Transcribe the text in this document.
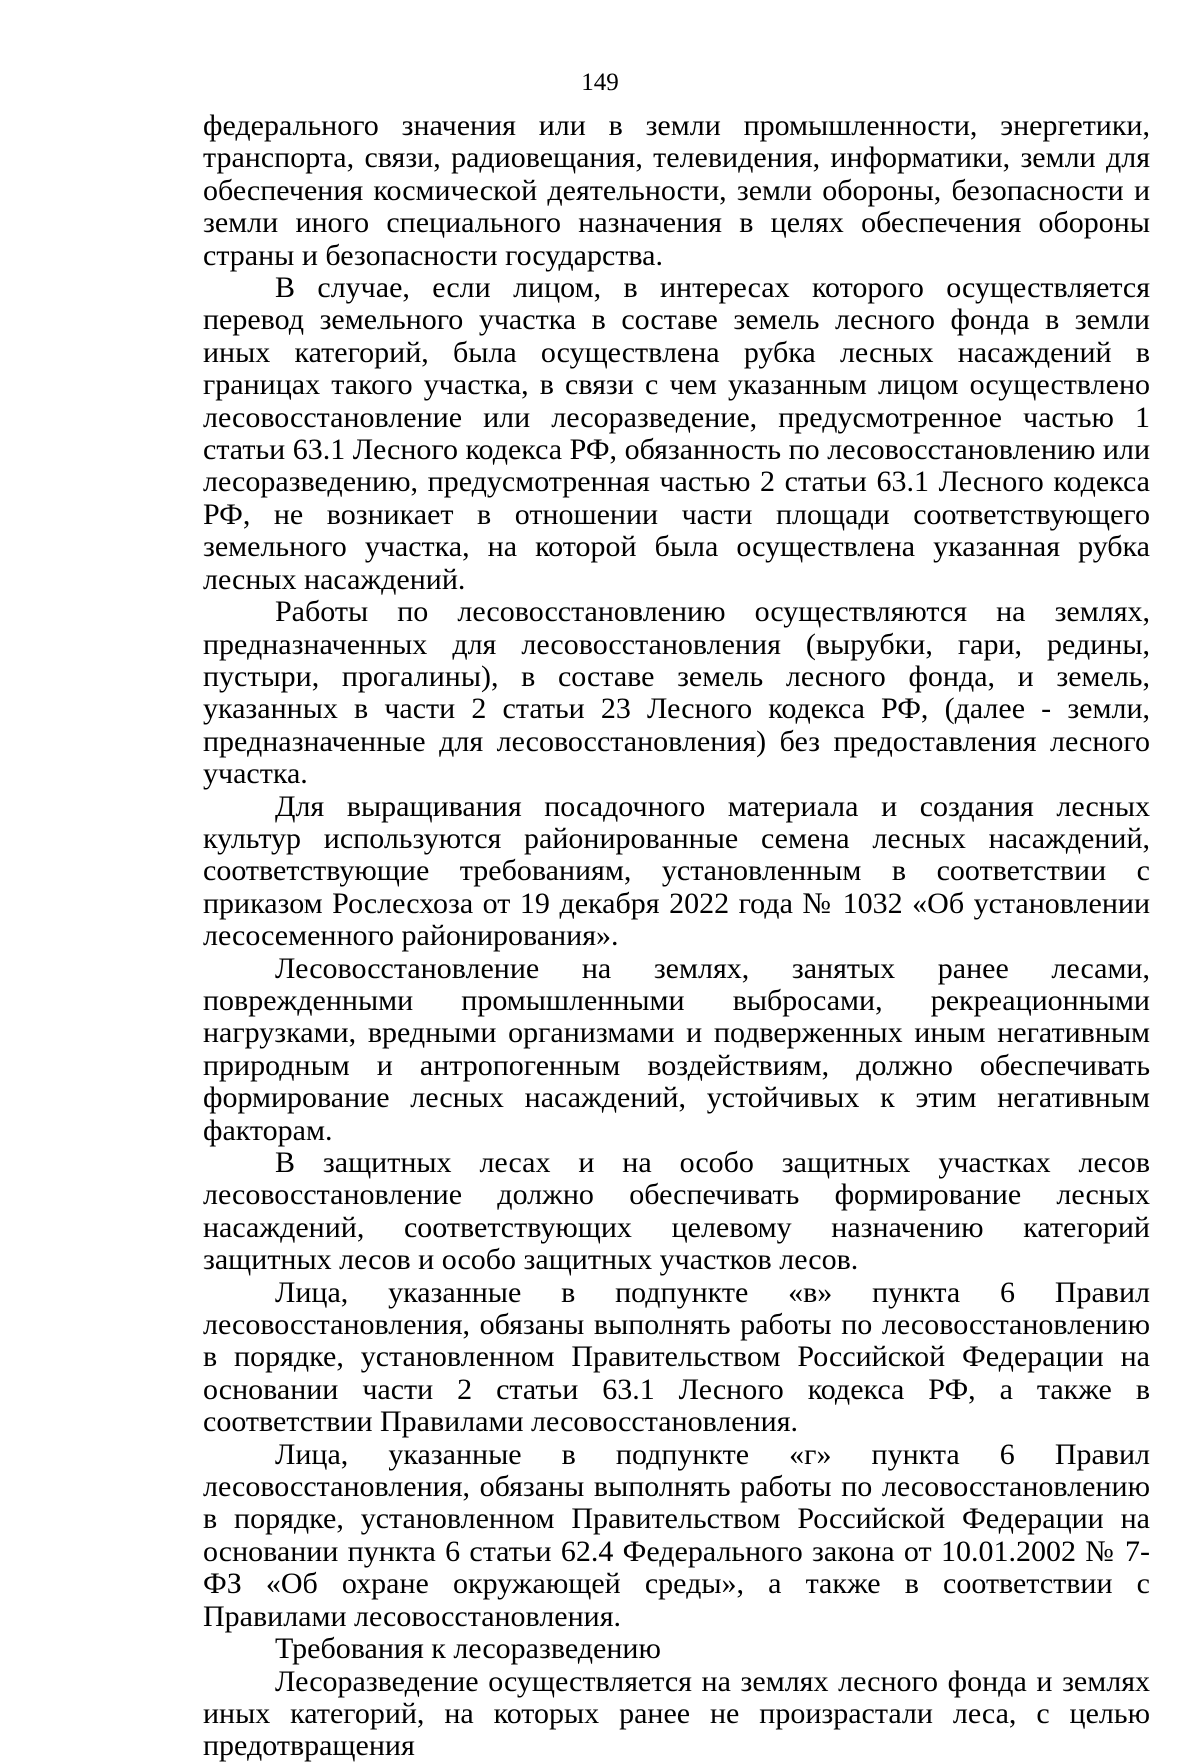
149

федерального значения или в земли промышленности, энергетики, транспорта, связи, радиовещания, телевидения, информатики, земли для обеспечения космической деятельности, земли обороны, безопасности и земли иного специального назначения в целях обеспечения обороны страны и безопасности государства.

В случае, если лицом, в интересах которого осуществляется перевод земельного участка в составе земель лесного фонда в земли иных категорий, была осуществлена рубка лесных насаждений в границах такого участка, в связи с чем указанным лицом осуществлено лесовосстановление или лесоразведение, предусмотренное частью 1 статьи 63.1 Лесного кодекса РФ, обязанность по лесовосстановлению или лесоразведению, предусмотренная частью 2 статьи 63.1 Лесного кодекса РФ, не возникает в отношении части площади соответствующего земельного участка, на которой была осуществлена указанная рубка лесных насаждений.

Работы по лесовосстановлению осуществляются на землях, предназначенных для лесовосстановления (вырубки, гари, редины, пустыри, прогалины), в составе земель лесного фонда, и земель, указанных в части 2 статьи 23 Лесного кодекса РФ, (далее - земли, предназначенные для лесовосстановления) без предоставления лесного участка.

Для выращивания посадочного материала и создания лесных культур используются районированные семена лесных насаждений, соответствующие требованиям, установленным в соответствии с приказом Рослесхоза от 19 декабря 2022 года № 1032 «Об установлении лесосеменного районирования».

Лесовосстановление на землях, занятых ранее лесами, поврежденными промышленными выбросами, рекреационными нагрузками, вредными организмами и подверженных иным негативным природным и антропогенным воздействиям, должно обеспечивать формирование лесных насаждений, устойчивых к этим негативным факторам.

В защитных лесах и на особо защитных участках лесов лесовосстановление должно обеспечивать формирование лесных насаждений, соответствующих целевому назначению категорий защитных лесов и особо защитных участков лесов.

Лица, указанные в подпункте «в» пункта 6 Правил лесовосстановления, обязаны выполнять работы по лесовосстановлению в порядке, установленном Правительством Российской Федерации на основании части 2 статьи 63.1 Лесного кодекса РФ, а также в соответствии Правилами лесовосстановления.

Лица, указанные в подпункте «г» пункта 6 Правил лесовосстановления, обязаны выполнять работы по лесовосстановлению в порядке, установленном Правительством Российской Федерации на основании пункта 6 статьи 62.4 Федерального закона от 10.01.2002 № 7-ФЗ «Об охране окружающей среды», а также в соответствии с Правилами лесовосстановления.

Требования к лесоразведению

Лесоразведение осуществляется на землях лесного фонда и землях иных категорий, на которых ранее не произрастали леса, с целью предотвращения
